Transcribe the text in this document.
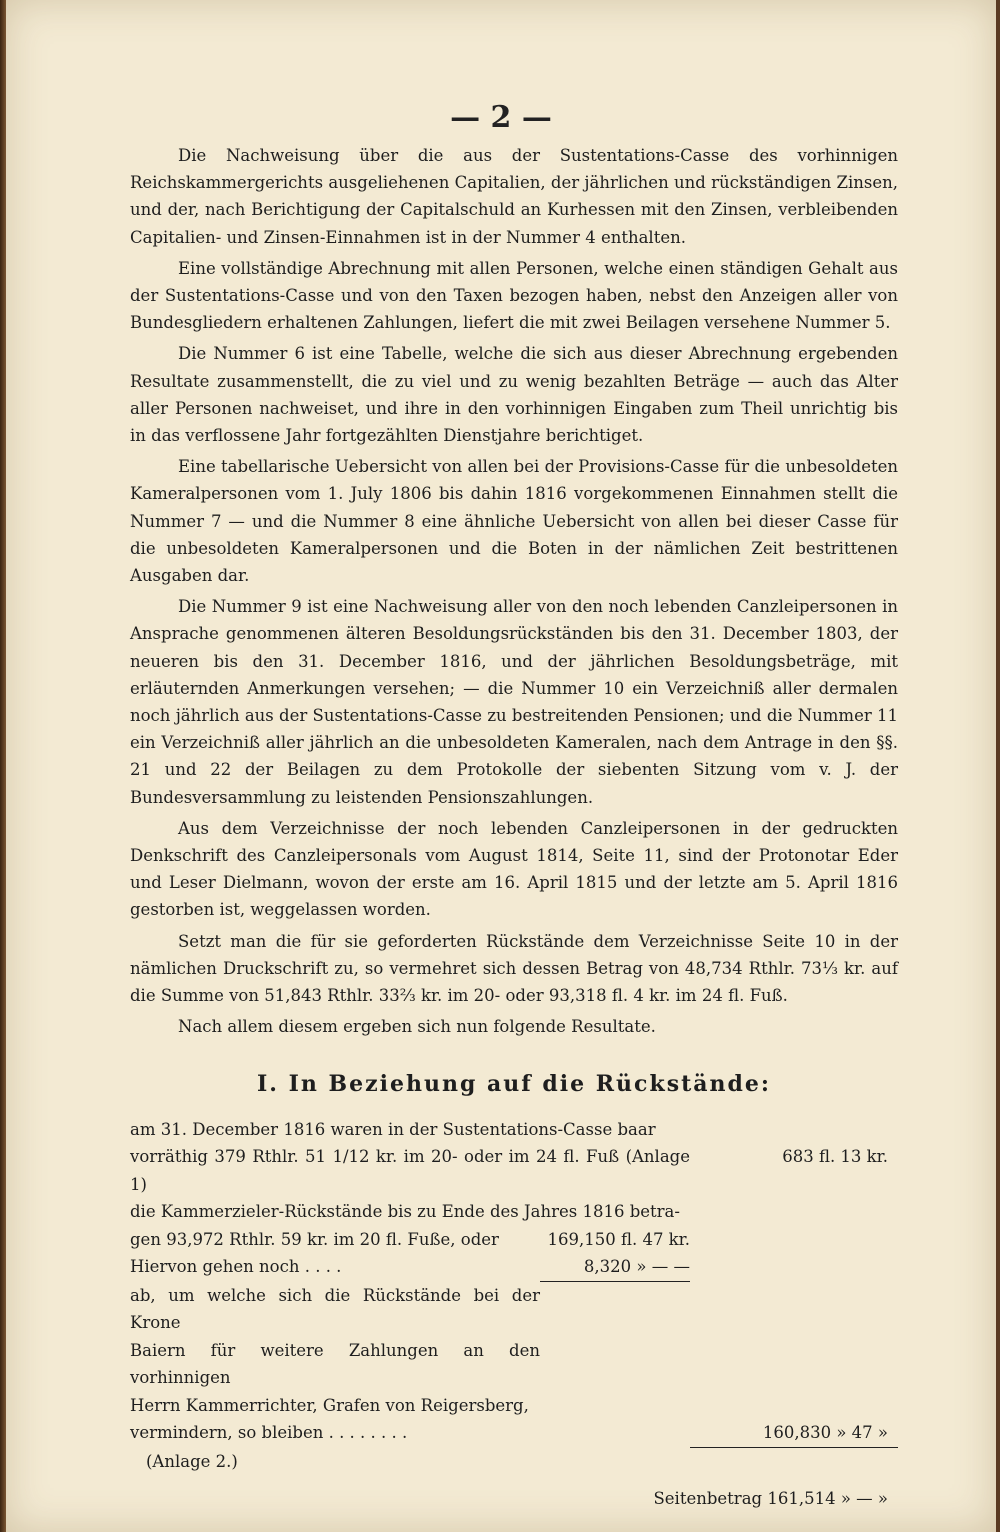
— 2 —

Die Nachweisung über die aus der Sustentations-Casse des vorhinnigen Reichskammergerichts ausgeliehenen Capitalien, der jährlichen und rückständigen Zinsen, und der, nach Berichtigung der Capitalschuld an Kurhessen mit den Zinsen, verbleibenden Capitalien- und Zinsen-Einnahmen ist in der Nummer 4 enthalten.

Eine vollständige Abrechnung mit allen Personen, welche einen ständigen Gehalt aus der Sustentations-Casse und von den Taxen bezogen haben, nebst den Anzeigen aller von Bundesgliedern erhaltenen Zahlungen, liefert die mit zwei Beilagen versehene Nummer 5.

Die Nummer 6 ist eine Tabelle, welche die sich aus dieser Abrechnung ergebenden Resultate zusammenstellt, die zu viel und zu wenig bezahlten Beträge — auch das Alter aller Personen nachweiset, und ihre in den vorhinnigen Eingaben zum Theil unrichtig bis in das verflossene Jahr fortgezählten Dienstjahre berichtiget.

Eine tabellarische Uebersicht von allen bei der Provisions-Casse für die unbesoldeten Kameralpersonen vom 1. July 1806 bis dahin 1816 vorgekommenen Einnahmen stellt die Nummer 7 — und die Nummer 8 eine ähnliche Uebersicht von allen bei dieser Casse für die unbesoldeten Kameralpersonen und die Boten in der nämlichen Zeit bestrittenen Ausgaben dar.

Die Nummer 9 ist eine Nachweisung aller von den noch lebenden Canzleipersonen in Ansprache genommenen älteren Besoldungsrückständen bis den 31. December 1803, der neueren bis den 31. December 1816, und der jährlichen Besoldungsbeträge, mit erläuternden Anmerkungen versehen; — die Nummer 10 ein Verzeichniß aller dermalen noch jährlich aus der Sustentations-Casse zu bestreitenden Pensionen; und die Nummer 11 ein Verzeichniß aller jährlich an die unbesoldeten Kameralen, nach dem Antrage in den §§. 21 und 22 der Beilagen zu dem Protokolle der siebenten Sitzung vom v. J. der Bundesversammlung zu leistenden Pensionszahlungen.

Aus dem Verzeichnisse der noch lebenden Canzleipersonen in der gedruckten Denkschrift des Canzleipersonals vom August 1814, Seite 11, sind der Protonotar Eder und Leser Dielmann, wovon der erste am 16. April 1815 und der letzte am 5. April 1816 gestorben ist, weggelassen worden.

Setzt man die für sie geforderten Rückstände dem Verzeichnisse Seite 10 in der nämlichen Druckschrift zu, so vermehret sich dessen Betrag von 48,734 Rthlr. 73⅓ kr. auf die Summe von 51,843 Rthlr. 33⅔ kr. im 20- oder 93,318 fl. 4 kr. im 24 fl. Fuß.

Nach allem diesem ergeben sich nun folgende Resultate.

I. In Beziehung auf die Rückstände:
am 31. December 1816 waren in der Sustentations-Casse baar
vorräthig 379 Rthlr. 51 1/12 kr. im 20- oder im 24 fl. Fuß (Anlage 1)
683 fl. 13 kr.
die Kammerzieler-Rückstände bis zu Ende des Jahres 1816 betra-
gen 93,972 Rthlr. 59 kr. im 20 fl. Fuße, oder	169,150 fl. 47 kr.
Hiervon gehen noch . . . .	8,320 » — —
ab, um welche sich die Rückstände bei der Krone
Baiern für weitere Zahlungen an den vorhinnigen
Herrn Kammerrichter, Grafen von Reigersberg,
vermindern, so bleiben . . . . . . . .	160,830 » 47 »
(Anlage 2.)
Seitenbetrag 161,514 » — »
